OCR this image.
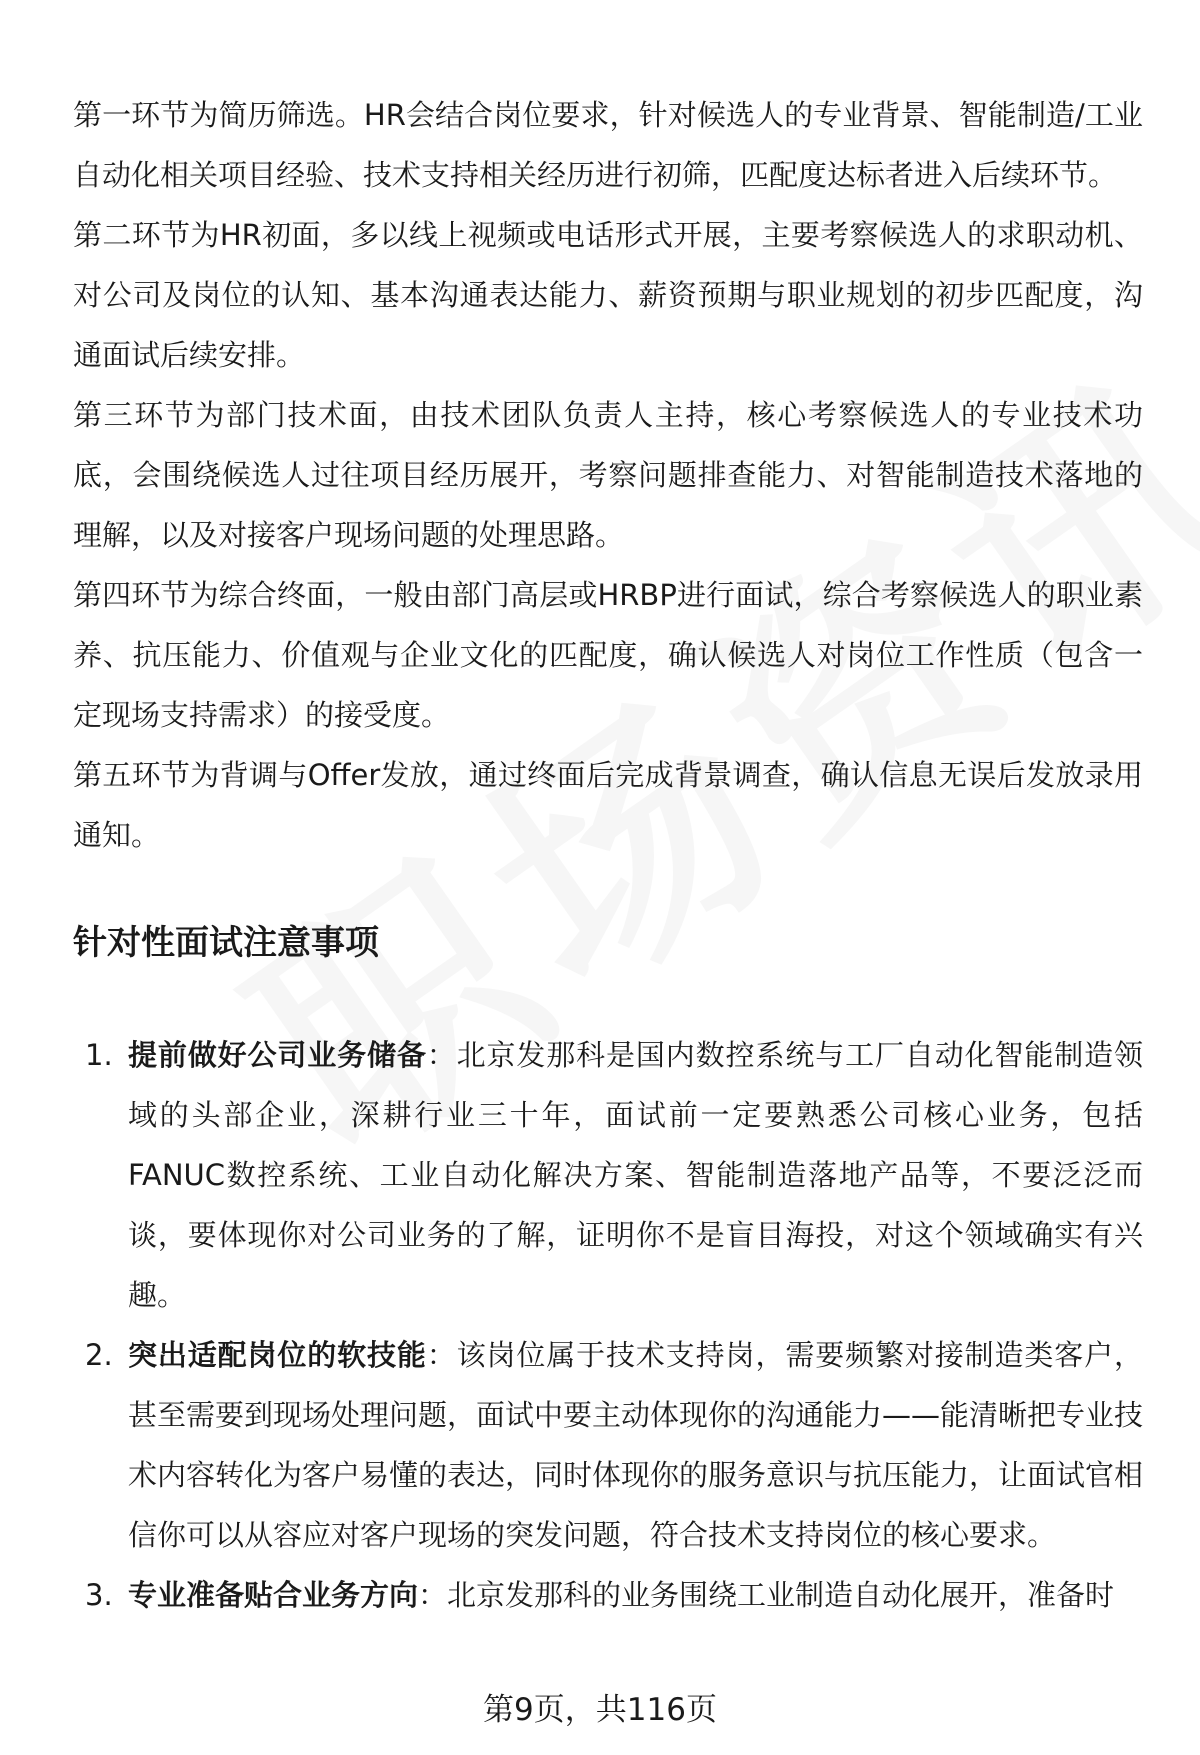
第一环节为简历筛选。HR会结合岗位要求，针对候选人的专业背景、智能制造/工业自动化相关项目经验、技术支持相关经历进行初筛，匹配度达标者进入后续环节。

第二环节为HR初面，多以线上视频或电话形式开展，主要考察候选人的求职动机、对公司及岗位的认知、基本沟通表达能力、薪资预期与职业规划的初步匹配度，沟通面试后续安排。

第三环节为部门技术面，由技术团队负责人主持，核心考察候选人的专业技术功底，会围绕候选人过往项目经历展开，考察问题排查能力、对智能制造技术落地的理解，以及对接客户现场问题的处理思路。

第四环节为综合终面，一般由部门高层或HRBP进行面试，综合考察候选人的职业素养、抗压能力、价值观与企业文化的匹配度，确认候选人对岗位工作性质（包含一定现场支持需求）的接受度。

第五环节为背调与Offer发放，通过终面后完成背景调查，确认信息无误后发放录用通知。

针对性面试注意事项
1. 提前做好公司业务储备：北京发那科是国内数控系统与工厂自动化智能制造领域的头部企业，深耕行业三十年，面试前一定要熟悉公司核心业务，包括FANUC数控系统、工业自动化解决方案、智能制造落地产品等，不要泛泛而谈，要体现你对公司业务的了解，证明你不是盲目海投，对这个领域确实有兴趣。
2. 突出适配岗位的软技能：该岗位属于技术支持岗，需要频繁对接制造类客户，甚至需要到现场处理问题，面试中要主动体现你的沟通能力——能清晰把专业技术内容转化为客户易懂的表达，同时体现你的服务意识与抗压能力，让面试官相信你可以从容应对客户现场的突发问题，符合技术支持岗位的核心要求。
3. 专业准备贴合业务方向：北京发那科的业务围绕工业制造自动化展开，准备时
第9页，共116页
